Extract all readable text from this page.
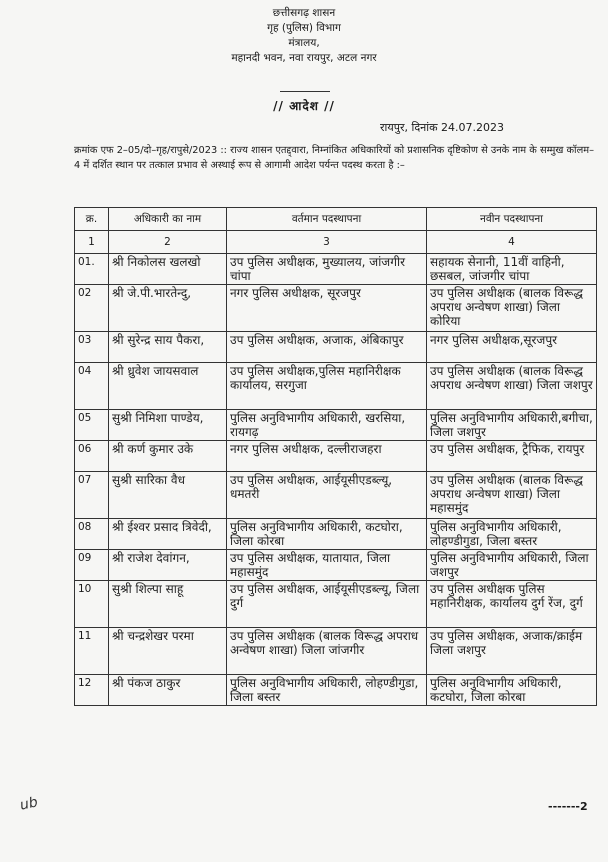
छत्तीसगढ़ शासन
गृह (पुलिस) विभाग
मंत्रालय,
महानदी भवन, नवा रायपुर, अटल नगर
// आदेश //
रायपुर, दिनांक 24.07.2023
क्रमांक एफ 2–05/दो–गृह/रापुसे/2023 :: राज्य शासन एतद्द्वारा, निम्नांकित अधिकारियों को प्रशासनिक दृष्टिकोण से उनके नाम के सम्मुख कॉलम–4 में दर्शित स्थान पर तत्काल प्रभाव से अस्थाई रूप से आगामी आदेश पर्यन्त पदस्थ करता है :–
क्र.	अधिकारी का नाम	वर्तमान पदस्थापना	नवीन पदस्थापना
1	2	3	4
01.	श्री निकोलस खलखो	उप पुलिस अधीक्षक, मुख्यालय, जांजगीर चांपा	सहायक सेनानी, 11वीं वाहिनी, छसबल, जांजगीर चांपा
02	श्री जे.पी.भारतेन्दु,	नगर पुलिस अधीक्षक, सूरजपुर	उप पुलिस अधीक्षक (बालक विरूद्ध अपराध अन्वेषण शाखा) जिला कोरिया
03	श्री सुरेन्द्र साय पैकरा,	उप पुलिस अधीक्षक, अजाक, अंबिकापुर	नगर पुलिस अधीक्षक,सूरजपुर
04	श्री ध्रुवेश जायसवाल	उप पुलिस अधीक्षक,पुलिस महानिरीक्षक कार्यालय, सरगुजा	उप पुलिस अधीक्षक (बालक विरूद्ध अपराध अन्वेषण शाखा) जिला जशपुर
05	सुश्री निमिशा पाण्डेय,	पुलिस अनुविभागीय अधिकारी, खरसिया, रायगढ़	पुलिस अनुविभागीय अधिकारी,बगीचा, जिला जशपुर
06	श्री कर्ण कुमार उके	नगर पुलिस अधीक्षक, दल्लीराजहरा	उप पुलिस अधीक्षक, ट्रैफिक, रायपुर
07	सुश्री सारिका वैध	उप पुलिस अधीक्षक, आईयूसीएडब्ल्यू, धमतरी	उप पुलिस अधीक्षक (बालक विरूद्ध अपराध अन्वेषण शाखा) जिला महासमुंद
08	श्री ईश्वर प्रसाद त्रिवेदी,	पुलिस अनुविभागीय अधिकारी, कटघोरा, जिला कोरबा	पुलिस अनुविभागीय अधिकारी, लोहण्डीगुडा, जिला बस्तर
09	श्री राजेश देवांगन,	उप पुलिस अधीक्षक, यातायात, जिला महासमुंद	पुलिस अनुविभागीय अधिकारी, जिला जशपुर
10	सुश्री शिल्पा साहू	उप पुलिस अधीक्षक, आईयूसीएडब्ल्यू, जिला दुर्ग	उप पुलिस अधीक्षक पुलिस महानिरीक्षक, कार्यालय दुर्ग रेंज, दुर्ग
11	श्री चन्द्रशेखर परमा	उप पुलिस अधीक्षक (बालक विरूद्ध अपराध अन्वेषण शाखा) जिला जांजगीर	उप पुलिस अधीक्षक, अजाक/क्राईम जिला जशपुर
12	श्री पंकज ठाकुर	पुलिस अनुविभागीय अधिकारी, लोहण्डीगुडा, जिला बस्तर	पुलिस अनुविभागीय अधिकारी, कटघोरा, जिला कोरबा
ub	-------2
